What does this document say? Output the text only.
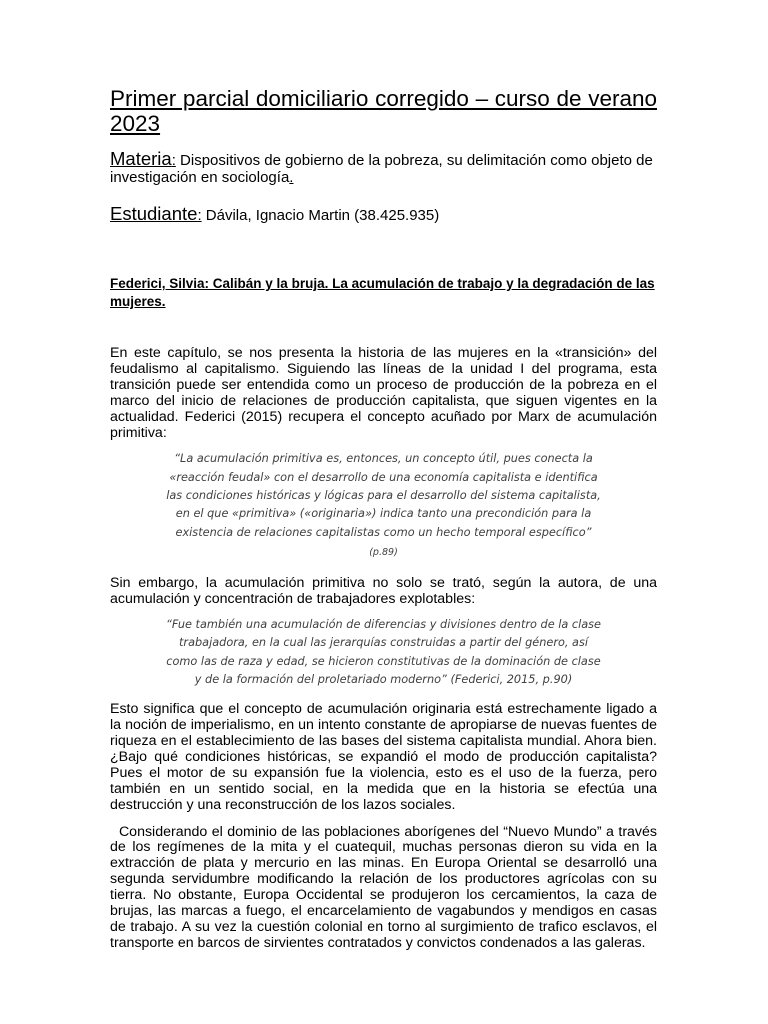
Primer parcial domiciliario corregido – curso de verano 2023

Materia: Dispositivos de gobierno de la pobreza, su delimitación como objeto de investigación en sociología.

Estudiante: Dávila, Ignacio Martin (38.425.935)

Federici, Silvia: Calibán y la bruja. La acumulación de trabajo y la degradación de las mujeres.

En este capítulo, se nos presenta la historia de las mujeres en la «transición» del feudalismo al capitalismo. Siguiendo las líneas de la unidad I del programa, esta transición puede ser entendida como un proceso de producción de la pobreza en el marco del inicio de relaciones de producción capitalista, que siguen vigentes en la actualidad. Federici (2015) recupera el concepto acuñado por Marx de acumulación primitiva:

“La acumulación primitiva es, entonces, un concepto útil, pues conecta la «reacción feudal» con el desarrollo de una economía capitalista e identifica las condiciones históricas y lógicas para el desarrollo del sistema capitalista, en el que «primitiva» («originaria») indica tanto una precondición para la existencia de relaciones capitalistas como un hecho temporal específico” (p.89)

Sin embargo, la acumulación primitiva no solo se trató, según la autora, de una acumulación y concentración de trabajadores explotables:

“Fue también una acumulación de diferencias y divisiones dentro de la clase trabajadora, en la cual las jerarquías construidas a partir del género, así como las de raza y edad, se hicieron constitutivas de la dominación de clase y de la formación del proletariado moderno” (Federici, 2015, p.90)

Esto significa que el concepto de acumulación originaria está estrechamente ligado a la noción de imperialismo, en un intento constante de apropiarse de nuevas fuentes de riqueza en el establecimiento de las bases del sistema capitalista mundial. Ahora bien. ¿Bajo qué condiciones históricas, se expandió el modo de producción capitalista? Pues el motor de su expansión fue la violencia, esto es el uso de la fuerza, pero también en un sentido social, en la medida que en la historia se efectúa una destrucción y una reconstrucción de los lazos sociales.

Considerando el dominio de las poblaciones aborígenes del “Nuevo Mundo” a través de los regímenes de la mita y el cuatequil, muchas personas dieron su vida en la extracción de plata y mercurio en las minas. En Europa Oriental se desarrolló una segunda servidumbre modificando la relación de los productores agrícolas con su tierra. No obstante, Europa Occidental se produjeron los cercamientos, la caza de brujas, las marcas a fuego, el encarcelamiento de vagabundos y mendigos en casas de trabajo. A su vez la cuestión colonial en torno al surgimiento de trafico esclavos, el transporte en barcos de sirvientes contratados y convictos condenados a las galeras.
